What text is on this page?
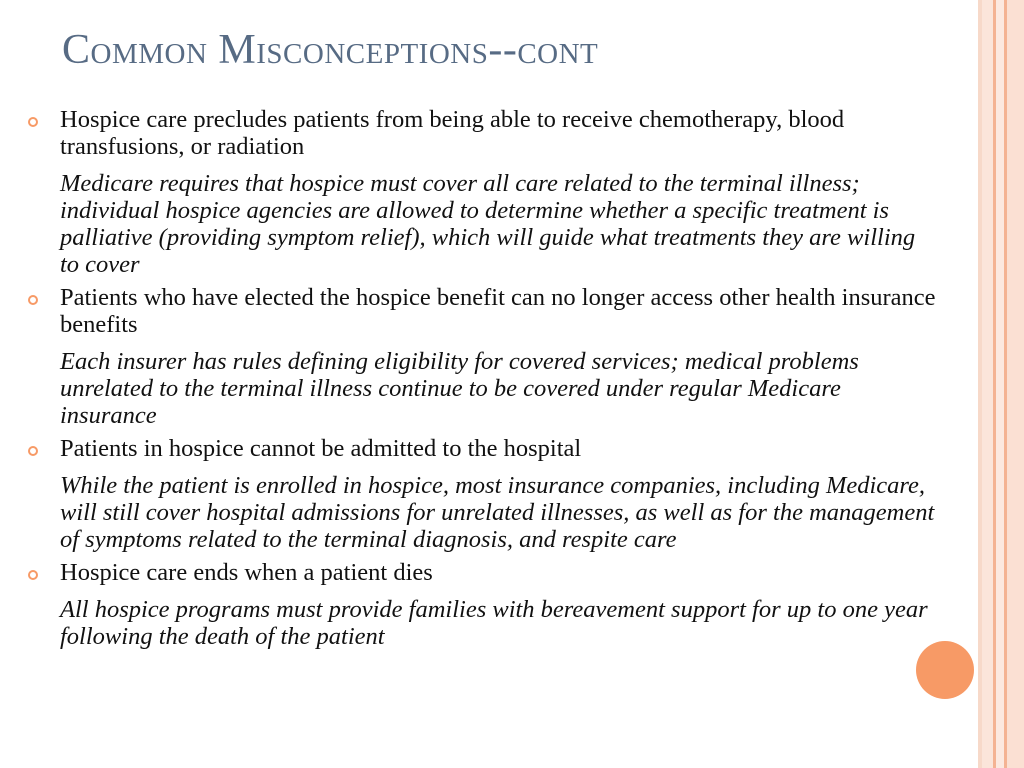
Common Misconceptions--cont
Hospice care precludes patients from being able to receive chemotherapy, blood transfusions, or radiation
Medicare requires that hospice must cover all care related to the terminal illness; individual hospice agencies are allowed to determine whether a specific treatment is palliative (providing symptom relief), which will guide what treatments they are willing to cover
Patients who have elected the hospice benefit can no longer access other health insurance benefits
Each insurer has rules defining eligibility for covered services; medical problems unrelated to the terminal illness continue to be covered under regular Medicare insurance
Patients in hospice cannot be admitted to the hospital
While the patient is enrolled in hospice, most insurance companies, including Medicare, will still cover hospital admissions for unrelated illnesses, as well as for the management of symptoms related to the terminal diagnosis, and respite care
Hospice care ends when a patient dies
All hospice programs must provide families with bereavement support for up to one year following the death of the patient
